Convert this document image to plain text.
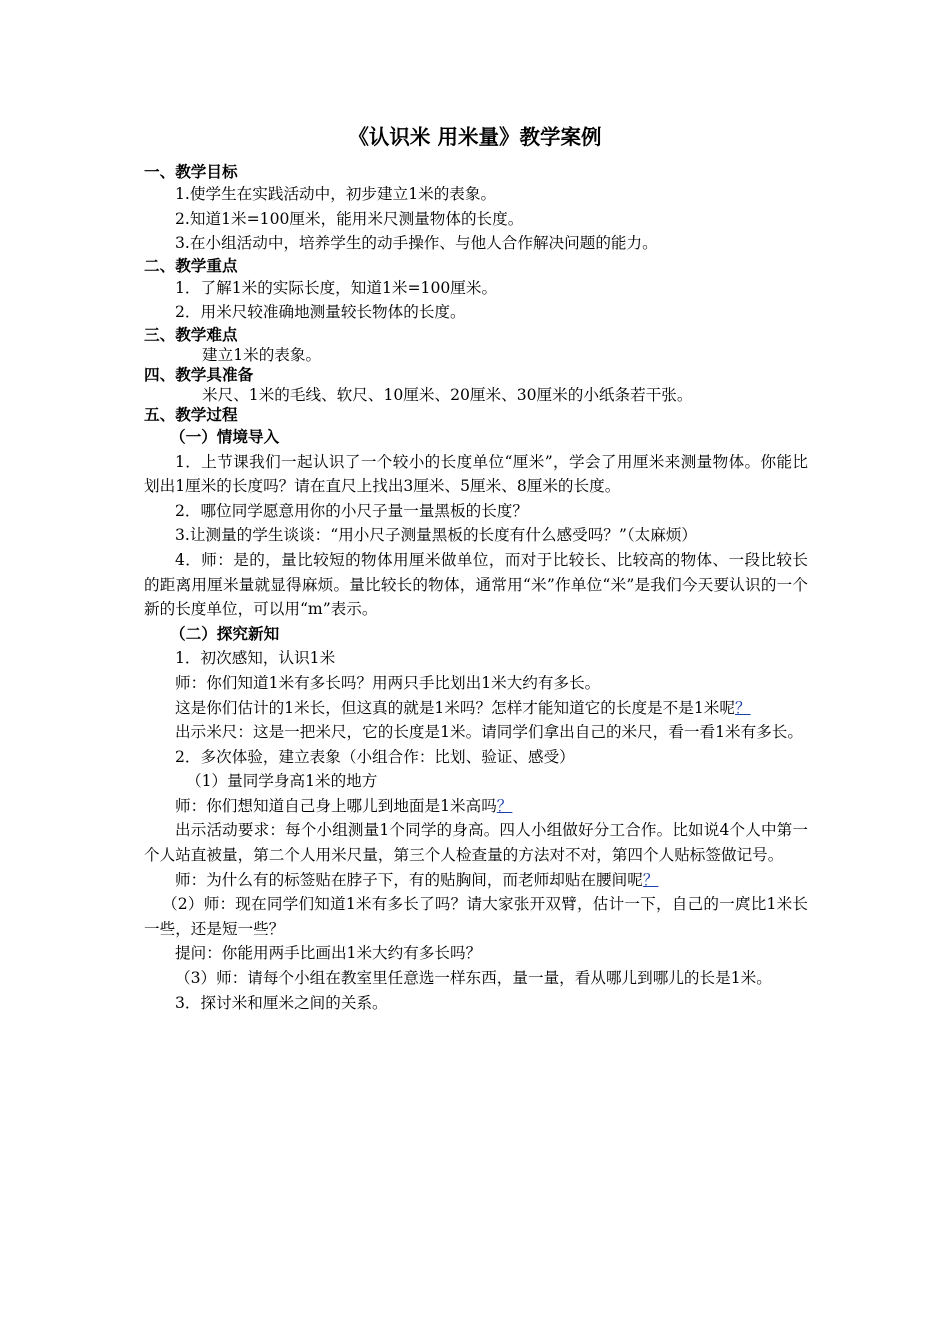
《认识米 用米量》教学案例

一、教学目标

1.使学生在实践活动中，初步建立1米的表象。

2.知道1米=100厘米，能用米尺测量物体的长度。

3.在小组活动中，培养学生的动手操作、与他人合作解决问题的能力。

二、教学重点

1．了解1米的实际长度，知道1米=100厘米。

2．用米尺较准确地测量较长物体的长度。

三、教学难点

建立1米的表象。

四、教学具准备

米尺、1米的毛线、软尺、10厘米、20厘米、30厘米的小纸条若干张。

五、教学过程

（一）情境导入

1．上节课我们一起认识了一个较小的长度单位“厘米”，学会了用厘米来测量物体。你能比划出1厘米的长度吗？请在直尺上找出3厘米、5厘米、8厘米的长度。

2．哪位同学愿意用你的小尺子量一量黑板的长度？

3.让测量的学生谈谈：“用小尺子测量黑板的长度有什么感受吗？”（太麻烦）

4．师：是的，量比较短的物体用厘米做单位，而对于比较长、比较高的物体、一段比较长的距离用厘米量就显得麻烦。量比较长的物体，通常用“米”作单位“米”是我们今天要认识的一个新的长度单位，可以用“m”表示。

（二）探究新知

1．初次感知，认识1米

师：你们知道1米有多长吗？用两只手比划出1米大约有多长。

这是你们估计的1米长，但这真的就是1米吗？怎样才能知道它的长度是不是1米呢？

出示米尺：这是一把米尺，它的长度是1米。请同学们拿出自己的米尺，看一看1米有多长。

2．多次体验，建立表象（小组合作：比划、验证、感受）

（1）量同学身高1米的地方

师：你们想知道自己身上哪儿到地面是1米高吗？

出示活动要求：每个小组测量1个同学的身高。四人小组做好分工合作。比如说4个人中第一个人站直被量，第二个人用米尺量，第三个人检查量的方法对不对，第四个人贴标签做记号。

师：为什么有的标签贴在脖子下，有的贴胸间，而老师却贴在腰间呢？

（2）师：现在同学们知道1米有多长了吗？请大家张开双臂，估计一下，自己的一庹比1米长一些，还是短一些？

提问：你能用两手比画出1米大约有多长吗？

（3）师：请每个小组在教室里任意选一样东西，量一量，看从哪儿到哪儿的长是1米。

3．探讨米和厘米之间的关系。
